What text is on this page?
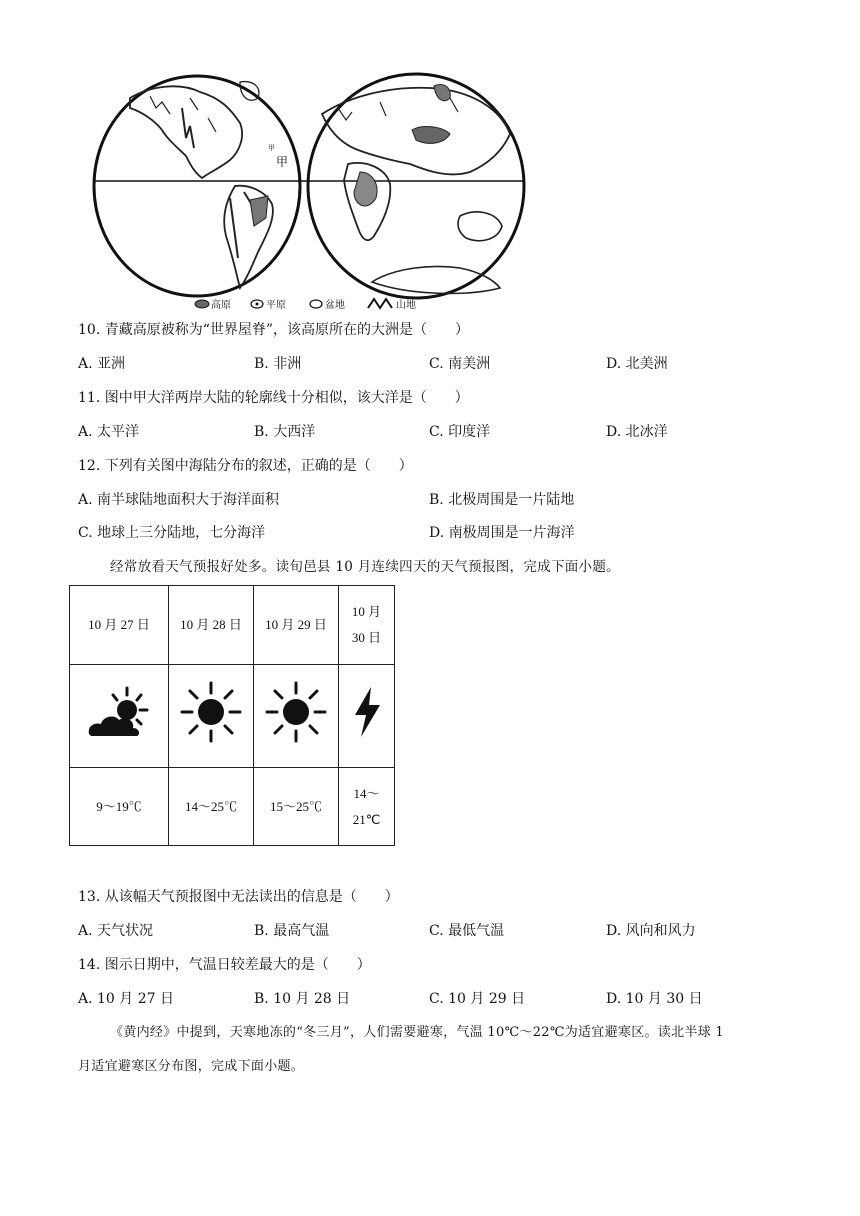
甲
甲
高原	平原	盆地	山地
10. 青藏高原被称为“世界屋脊”，该高原所在的大洲是（　　）
A. 亚洲	B. 非洲	C. 南美洲	D. 北美洲
11. 图中甲大洋两岸大陆的轮廓线十分相似，该大洋是（　　）
A. 太平洋	B. 大西洋	C. 印度洋	D. 北冰洋
12. 下列有关图中海陆分布的叙述，正确的是（　　）
A. 南半球陆地面积大于海洋面积	B. 北极周围是一片陆地
C. 地球上三分陆地，七分海洋	D. 南极周围是一片海洋
经常放看天气预报好处多。读旬邑县 10 月连续四天的天气预报图，完成下面小题。
10 月 27 日	10 月 28 日	10 月 29 日	10 月
30 日

9～19℃	14～25℃	15～25℃	14～
21℃
13. 从该幅天气预报图中无法读出的信息是（　　）
A. 天气状况	B. 最高气温	C. 最低气温	D. 风向和风力
14. 图示日期中，气温日较差最大的是（　　）
A. 10 月 27 日	B. 10 月 28 日	C. 10 月 29 日	D. 10 月 30 日
《黄内经》中提到，天寒地冻的“冬三月”，人们需要避寒，气温 10℃～22℃为适宜避寒区。读北半球 1
月适宜避寒区分布图，完成下面小题。
